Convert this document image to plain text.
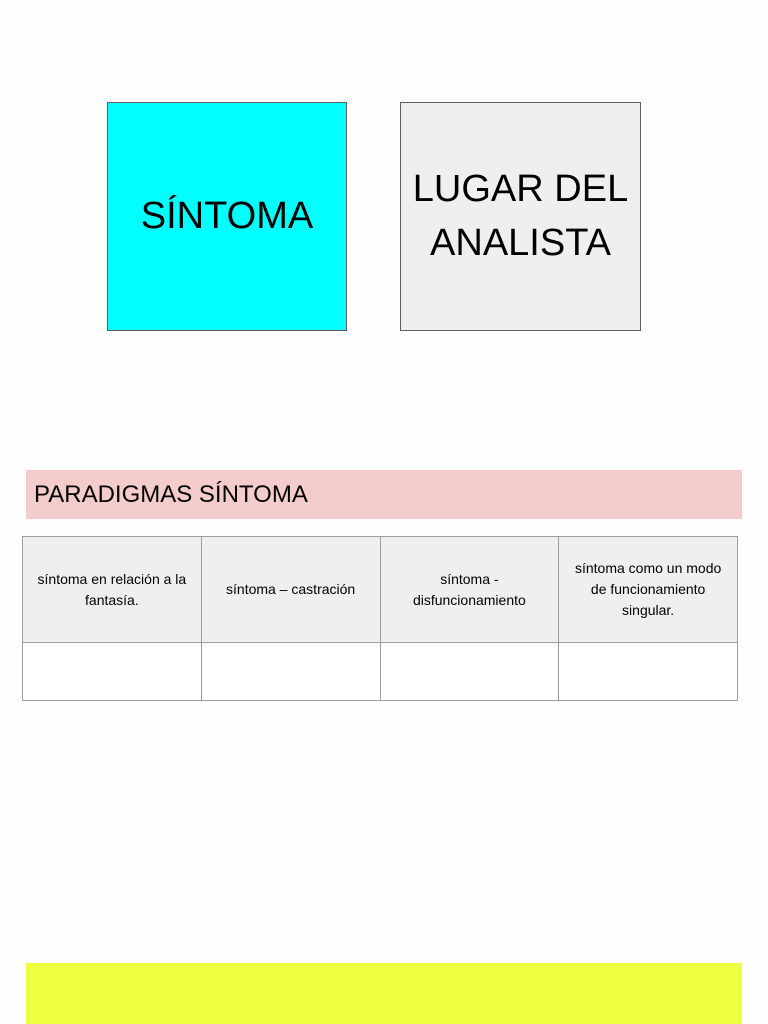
SÍNTOMA
LUGAR DEL ANALISTA
PARADIGMAS SÍNTOMA
síntoma en relación a la fantasía.	síntoma – castración	síntoma - disfuncionamiento	síntoma como un modo de funcionamiento singular.
